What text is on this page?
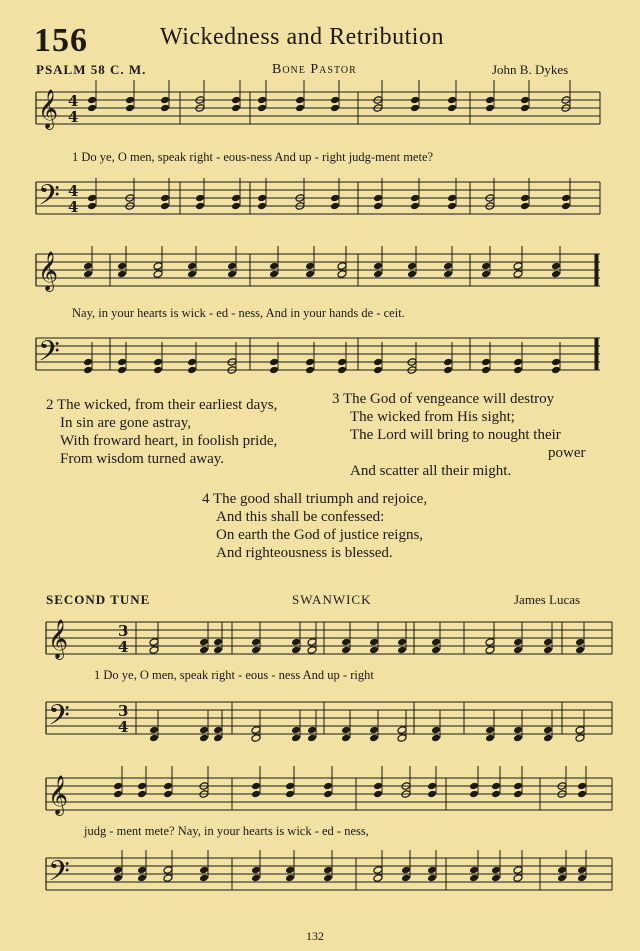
156	Wickedness and Retribution
PSALM 58 C. M.	Bone Pastor	John B. Dykes
𝄞
𝄢
4
4
4
4
𝄞
𝄢
𝄞
𝄢
3
4
3
4
𝄞
𝄢
1 Do ye, O men, speak right - eous-ness And up - right judg-ment mete?
Nay, in your hearts is wick - ed - ness, And in your hands de - ceit.
2 The wicked, from their earliest days,
In sin are gone astray,
With froward heart, in foolish pride,
From wisdom turned away.
3 The God of vengeance will destroy
The wicked from His sight;
The Lord will bring to nought their
power
And scatter all their might.
4 The good shall triumph and rejoice,
And this shall be confessed:
On earth the God of justice reigns,
And righteousness is blessed.
SECOND TUNE	SWANWICK	James Lucas
1 Do ye, O men, speak right - eous - ness And up - right
judg - ment mete? Nay, in your hearts is wick - ed - ness,
132
